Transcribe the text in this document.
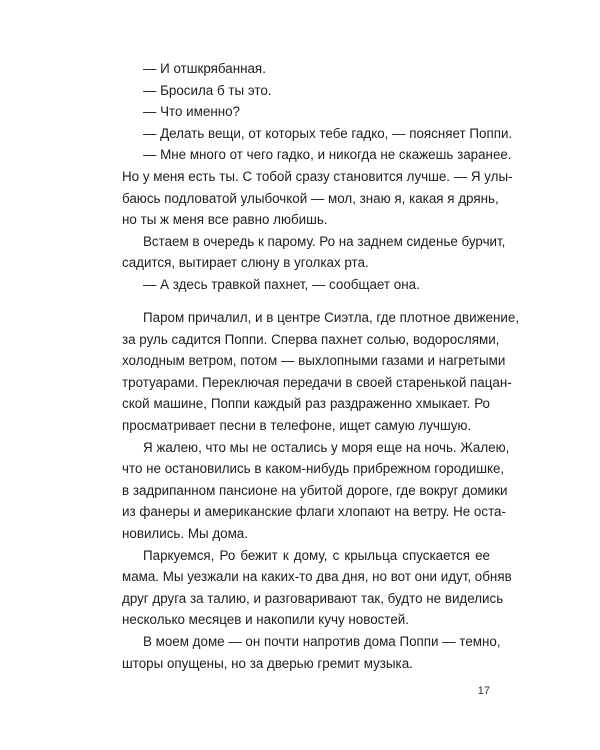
— И отшкрябанная.
— Бросила б ты это.
— Что именно?
— Делать вещи, от которых тебе гадко, — поясняет Поппи.
— Мне много от чего гадко, и никогда не скажешь заранее.
Но у меня есть ты. С тобой сразу становится лучше. — Я улы-
баюсь подловатой улыбочкой — мол, знаю я, какая я дрянь,
но ты ж меня все равно любишь.
Встаем в очередь к парому. Ро на заднем сиденье бурчит,
садится, вытирает слюну в уголках рта.
— А здесь травкой пахнет, — сообщает она.
Паром причалил, и в центре Сиэтла, где плотное движение,
за руль садится Поппи. Сперва пахнет солью, водорослями,
холодным ветром, потом — выхлопными газами и нагретыми
тротуарами. Переключая передачи в своей старенькой пацан-
ской машине, Поппи каждый раз раздраженно хмыкает. Ро
просматривает песни в телефоне, ищет самую лучшую.
Я жалею, что мы не остались у моря еще на ночь. Жалею,
что не остановились в каком-нибудь прибрежном городишке,
в задрипанном пансионе на убитой дороге, где вокруг домики
из фанеры и американские флаги хлопают на ветру. Не оста-
новились. Мы дома.
Паркуемся, Ро бежит к дому, с крыльца спускается ее
мама. Мы уезжали на каких-то два дня, но вот они идут, обняв
друг друга за талию, и разговаривают так, будто не виделись
несколько месяцев и накопили кучу новостей.
В моем доме — он почти напротив дома Поппи — темно,
шторы опущены, но за дверью гремит музыка.
17
